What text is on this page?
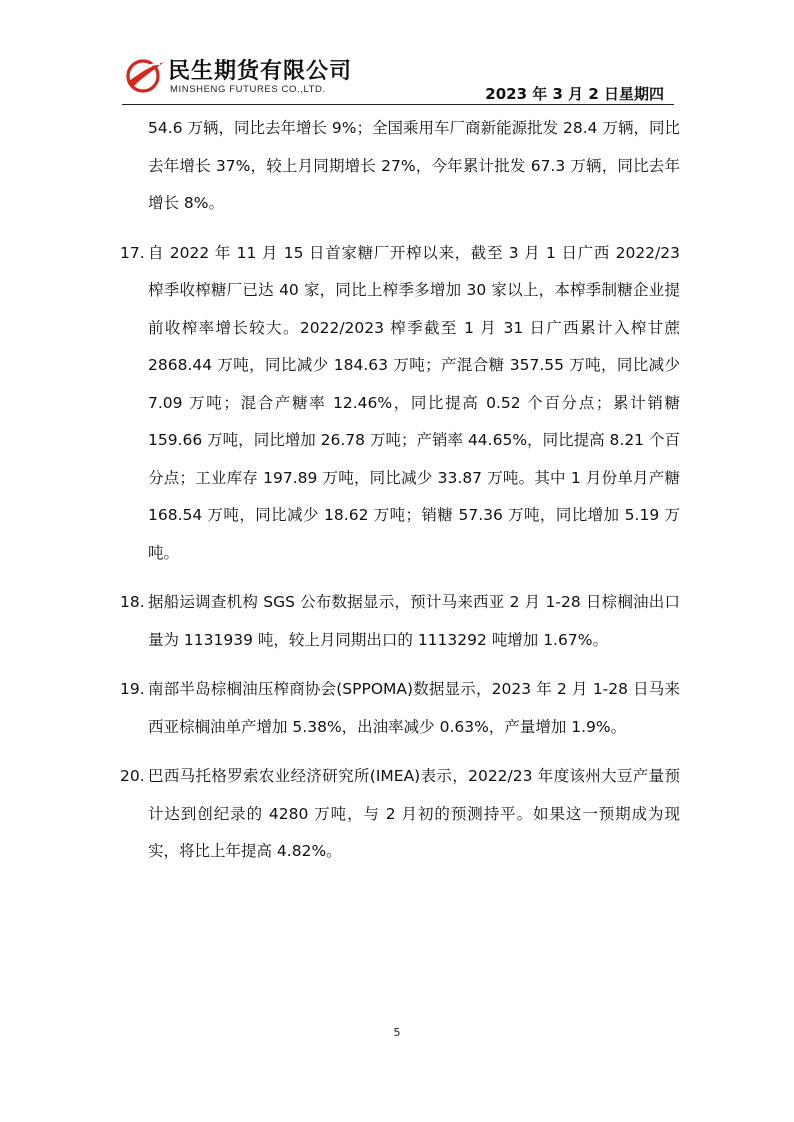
民生期货有限公司
MINSHENG FUTURES CO.,LTD.	2023 年 3 月 2 日星期四
54.6 万辆，同比去年增长 9%；全国乘用车厂商新能源批发 28.4 万辆，同比去年增长 37%，较上月同期增长 27%，今年累计批发 67.3 万辆，同比去年增长 8%。
17. 自 2022 年 11 月 15 日首家糖厂开榨以来，截至 3 月 1 日广西 2022/23 榨季收榨糖厂已达 40 家，同比上榨季多增加 30 家以上，本榨季制糖企业提前收榨率增长较大。2022/2023 榨季截至 1 月 31 日广西累计入榨甘蔗 2868.44 万吨，同比减少 184.63 万吨；产混合糖 357.55 万吨，同比减少 7.09 万吨；混合产糖率 12.46%，同比提高 0.52 个百分点；累计销糖 159.66 万吨，同比增加 26.78 万吨；产销率 44.65%，同比提高 8.21 个百分点；工业库存 197.89 万吨，同比减少 33.87 万吨。其中 1 月份单月产糖 168.54 万吨，同比减少 18.62 万吨；销糖 57.36 万吨，同比增加 5.19 万吨。
18. 据船运调查机构 SGS 公布数据显示，预计马来西亚 2 月 1-28 日棕榈油出口量为 1131939 吨，较上月同期出口的 1113292 吨增加 1.67%。
19. 南部半岛棕榈油压榨商协会(SPPOMA)数据显示，2023 年 2 月 1-28 日马来西亚棕榈油单产增加 5.38%，出油率减少 0.63%，产量增加 1.9%。
20. 巴西马托格罗索农业经济研究所(IMEA)表示，2022/23 年度该州大豆产量预计达到创纪录的 4280 万吨，与 2 月初的预测持平。如果这一预期成为现实，将比上年提高 4.82%。
5
